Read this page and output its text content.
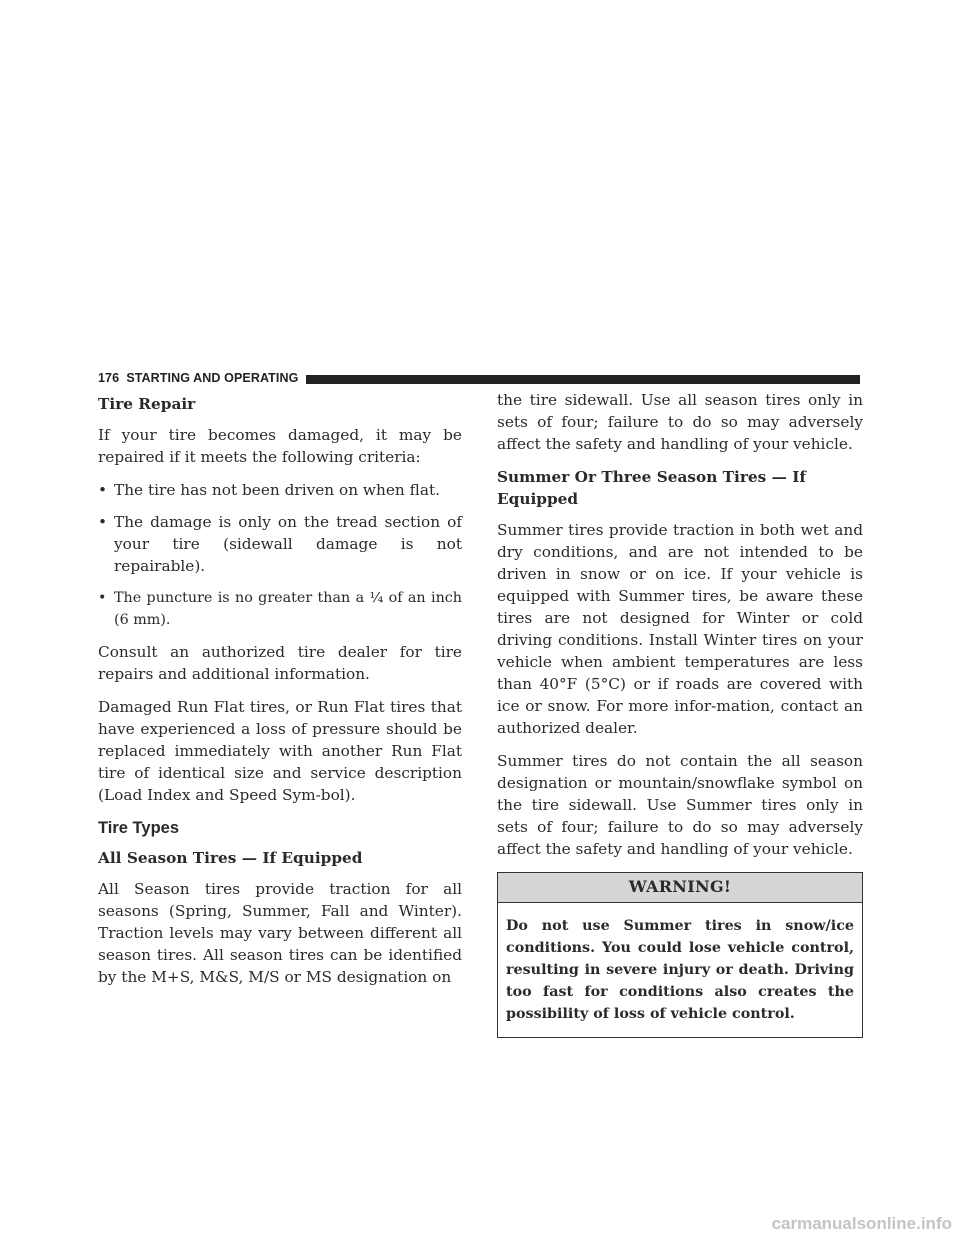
176 STARTING AND OPERATING
Tire Repair

If your tire becomes damaged, it may be repaired if it meets the following criteria:

• The tire has not been driven on when flat.
• The damage is only on the tread section of your tire (sidewall damage is not repairable).
• The puncture is no greater than a ¼ of an inch (6 mm).

Consult an authorized tire dealer for tire repairs and additional information.

Damaged Run Flat tires, or Run Flat tires that have experienced a loss of pressure should be replaced immediately with another Run Flat tire of identical size and service description (Load Index and Speed Sym-bol).

Tire Types
All Season Tires — If Equipped

All Season tires provide traction for all seasons (Spring, Summer, Fall and Winter). Traction levels may vary between different all season tires. All season tires can be identified by the M+S, M&S, M/S or MS designation on

the tire sidewall. Use all season tires only in sets of four; failure to do so may adversely affect the safety and handling of your vehicle.

Summer Or Three Season Tires — If Equipped

Summer tires provide traction in both wet and dry conditions, and are not intended to be driven in snow or on ice. If your vehicle is equipped with Summer tires, be aware these tires are not designed for Winter or cold driving conditions. Install Winter tires on your vehicle when ambient temperatures are less than 40°F (5°C) or if roads are covered with ice or snow. For more infor-mation, contact an authorized dealer.

Summer tires do not contain the all season designation or mountain/snowflake symbol on the tire sidewall. Use Summer tires only in sets of four; failure to do so may adversely affect the safety and handling of your vehicle.

WARNING!
Do not use Summer tires in snow/ice conditions. You could lose vehicle control, resulting in severe injury or death. Driving too fast for conditions also creates the possibility of loss of vehicle control.
carmanualsonline.info
